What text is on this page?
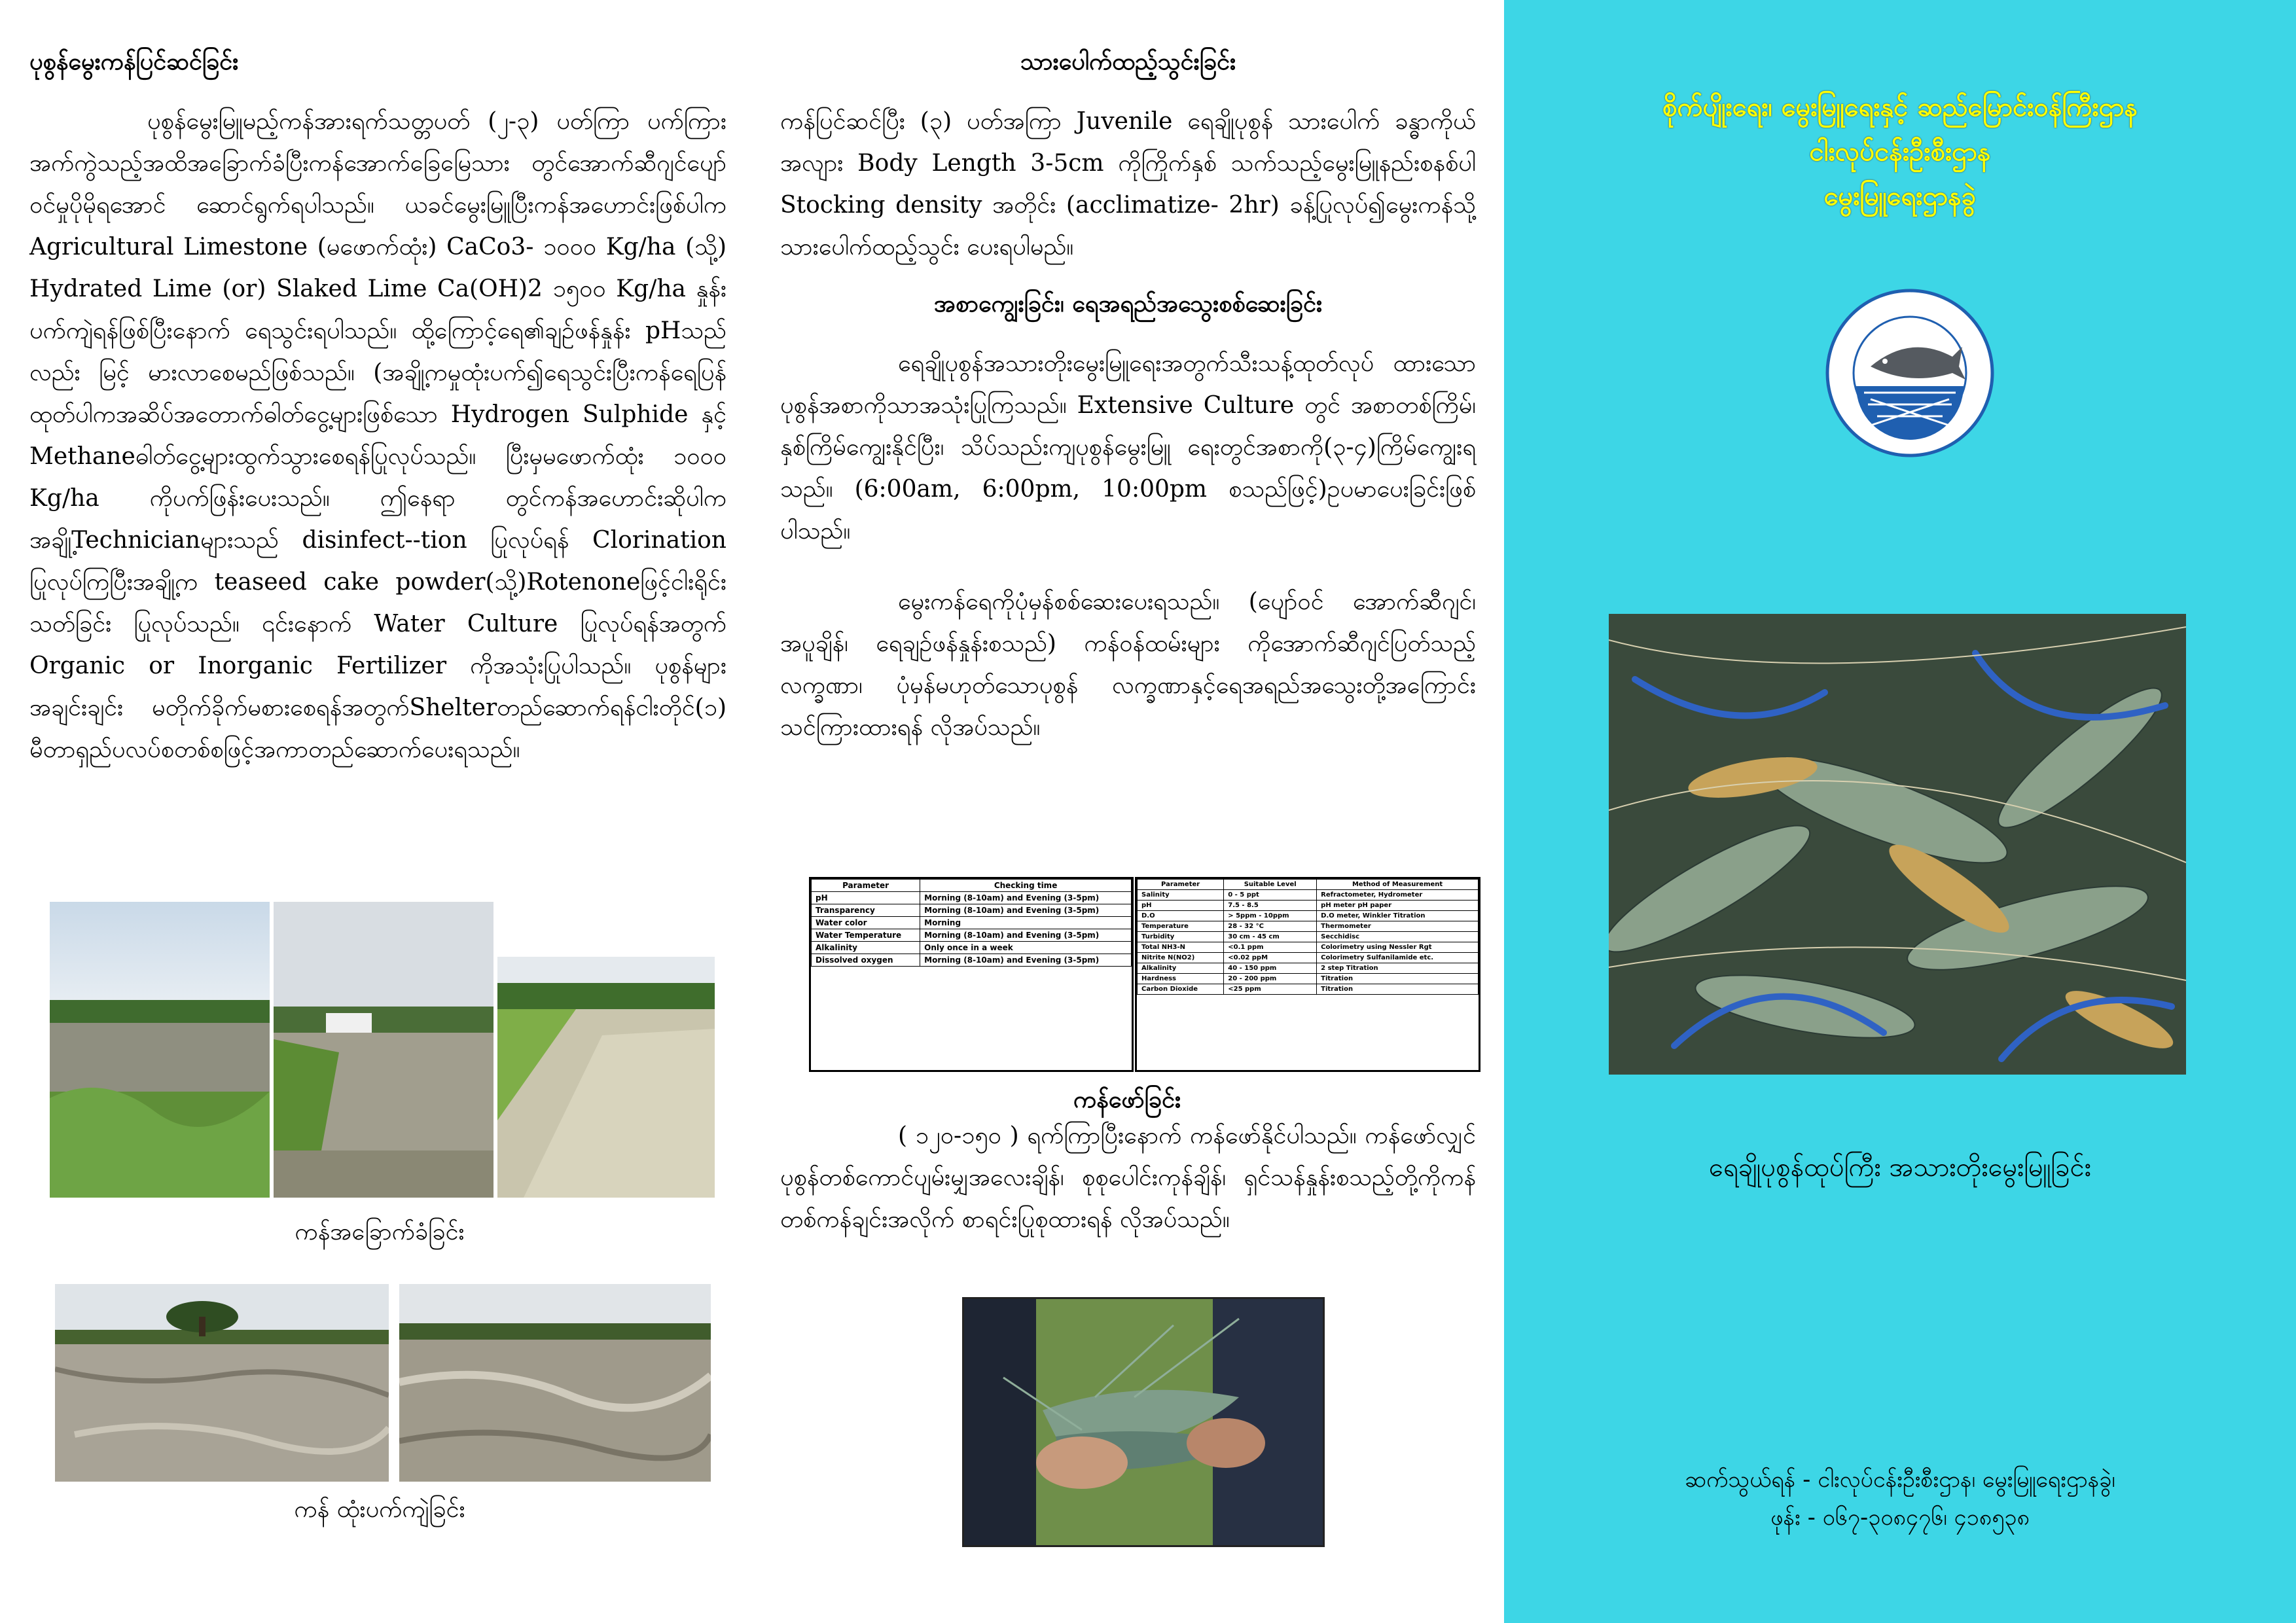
ပုစွန်မွေးကန်ပြင်ဆင်ခြင်း

ပုစွန်မွေးမြူမည့်ကန်အားရက်သတ္တပတ် (၂-၃) ပတ်ကြာ ပက်ကြားအက်ကွဲသည့်အထိအခြောက်ခံပြီးကန်အောက်ခြေမြေသား တွင်အောက်ဆီဂျင်ပျော်ဝင်မှုပိုမိုရအောင် ဆောင်ရွက်ရပါသည်။ ယခင်မွေးမြူပြီးကန်အဟောင်းဖြစ်ပါက Agricultural Limestone (မဖောက်ထုံး) CaCo3- ၁၀၀၀ Kg/ha (သို့) Hydrated Lime (or) Slaked Lime Ca(OH)2 ၁၅၀၀ Kg/ha နှုန်းပက်ကျဲရန်ဖြစ်ပြီးနောက် ရေသွင်းရပါသည်။ ထို့ကြောင့်ရေ၏ချဉ်ဖန်နှုန်း pHသည်လည်း မြင့် မားလာစေမည်ဖြစ်သည်။ (အချို့ကမှုထုံးပက်၍ရေသွင်းပြီးကန်ရေပြန် ထုတ်ပါကအဆိပ်အတောက်ဓါတ်ငွေ့များဖြစ်သော Hydrogen Sulphide နှင့် Methaneဓါတ်ငွေ့များထွက်သွားစေရန်ပြုလုပ်သည်။ ပြီးမှမဖောက်ထုံး ၁၀၀၀ Kg/ha ကိုပက်ဖြန်းပေးသည်။ ဤနေရာ တွင်ကန်အဟောင်းဆိုပါကအချို့Technicianများသည် disinfect--tion ပြုလုပ်ရန် Clorination ပြုလုပ်ကြပြီးအချို့က teaseed cake powder(သို့)Rotenoneဖြင့်ငါးရိုင်းသတ်ခြင်း ပြုလုပ်သည်။ ၎င်းနောက် Water Culture ပြုလုပ်ရန်အတွက် Organic or Inorganic Fertilizer ကိုအသုံးပြုပါသည်။ ပုစွန်များအချင်းချင်း မတိုက်ခိုက်မစားစေရန်အတွက်Shelterတည်ဆောက်ရန်ငါးတိုင်(၁) မီတာရှည်ပလပ်စတစ်စဖြင့်အကာတည်ဆောက်ပေးရသည်။

ကန်အခြောက်ခံခြင်း
ကန် ထုံးပက်ကျဲခြင်း
သားပေါက်ထည့်သွင်းခြင်း

ကန်ပြင်ဆင်ပြီး (၃) ပတ်အကြာ Juvenile ရေချိုပုစွန် သားပေါက် ခန္ဓာကိုယ်အလျား Body Length 3-5cm ကိုကြိုက်နှစ် သက်သည့်မွေးမြူနည်းစနစ်ပါ Stocking density အတိုင်း (acclimatize- 2hr) ခန့်ပြုလုပ်၍မွေးကန်သို့ သားပေါက်ထည့်သွင်း ပေးရပါမည်။

အစာကျွေးခြင်း၊ ရေအရည်အသွေးစစ်ဆေးခြင်း

ရေချိုပုစွန်အသားတိုးမွေးမြူရေးအတွက်သီးသန့်ထုတ်လုပ် ထားသောပုစွန်အစာကိုသာအသုံးပြုကြသည်။ Extensive Culture တွင် အစာတစ်ကြိမ်၊ နှစ်ကြိမ်ကျွေးနိုင်ပြီး၊ သိပ်သည်းကျပုစွန်မွေးမြူ ရေးတွင်အစာကို(၃-၄)ကြိမ်ကျွေးရသည်။ (6:00am, 6:00pm, 10:00pm စသည်ဖြင့်)ဥပမာပေးခြင်းဖြစ်ပါသည်။

မွေးကန်ရေကိုပုံမှန်စစ်ဆေးပေးရသည်။ (ပျော်ဝင် အောက်ဆီဂျင်၊ အပူချိန်၊ ရေချဉ်ဖန်နှုန်းစသည်) ကန်ဝန်ထမ်းများ ကိုအောက်ဆီဂျင်ပြတ်သည့်လက္ခဏာ၊ ပုံမှန်မဟုတ်သောပုစွန် လက္ခဏာနှင့်ရေအရည်အသွေးတို့အကြောင်းသင်ကြားထားရန် လိုအပ်သည်။

Parameter	Checking time
pH	Morning (8-10am) and Evening (3-5pm)
Transparency	Morning (8-10am) and Evening (3-5pm)
Water color	Morning
Water Temperature	Morning (8-10am) and Evening (3-5pm)
Alkalinity	Only once in a week
Dissolved oxygen	Morning (8-10am) and Evening (3-5pm)
Parameter	Suitable Level	Method of Measurement
Salinity	0 - 5 ppt	Refractometer, Hydrometer
pH	7.5 - 8.5	pH meter pH paper
D.O	> 5ppm - 10ppm	D.O meter, Winkler Titration
Temperature	28 - 32 °C	Thermometer
Turbidity	30 cm - 45 cm	Secchidisc
Total NH3-N	<0.1 ppm	Colorimetry using Nessler Rgt
Nitrite N(NO2)	<0.02 ppM	Colorimetry Sulfanilamide etc.
Alkalinity	40 - 150 ppm	2 step Titration
Hardness	20 - 200 ppm	Titration
Carbon Dioxide	<25 ppm	Titration
ကန်ဖော်ခြင်း

( ၁၂၀-၁၅၀ ) ရက်ကြာပြီးနောက် ကန်ဖော်နိုင်ပါသည်။ ကန်ဖော်လျှင် ပုစွန်တစ်ကောင်ပျမ်းမျှအလေးချိန်၊ စုစုပေါင်းကုန်ချိန်၊ ရှင်သန်နှုန်းစသည့်တို့ကိုကန်တစ်ကန်ချင်းအလိုက် စာရင်းပြုစုထားရန် လိုအပ်သည်။

စိုက်ပျိုးရေး၊ မွေးမြူရေးနှင့် ဆည်မြောင်းဝန်ကြီးဌာန
ငါးလုပ်ငန်းဦးစီးဌာန
မွေးမြူရေးဌာနခွဲ
ရေချိုပုစွန်ထုပ်ကြီး အသားတိုးမွေးမြူခြင်း
ဆက်သွယ်ရန် - ငါးလုပ်ငန်းဦးစီးဌာန၊ မွေးမြူရေးဌာနခွဲ၊
ဖုန်း - ၀၆၇-၃၀၈၄၇၆၊ ၄၁၈၅၃၈
